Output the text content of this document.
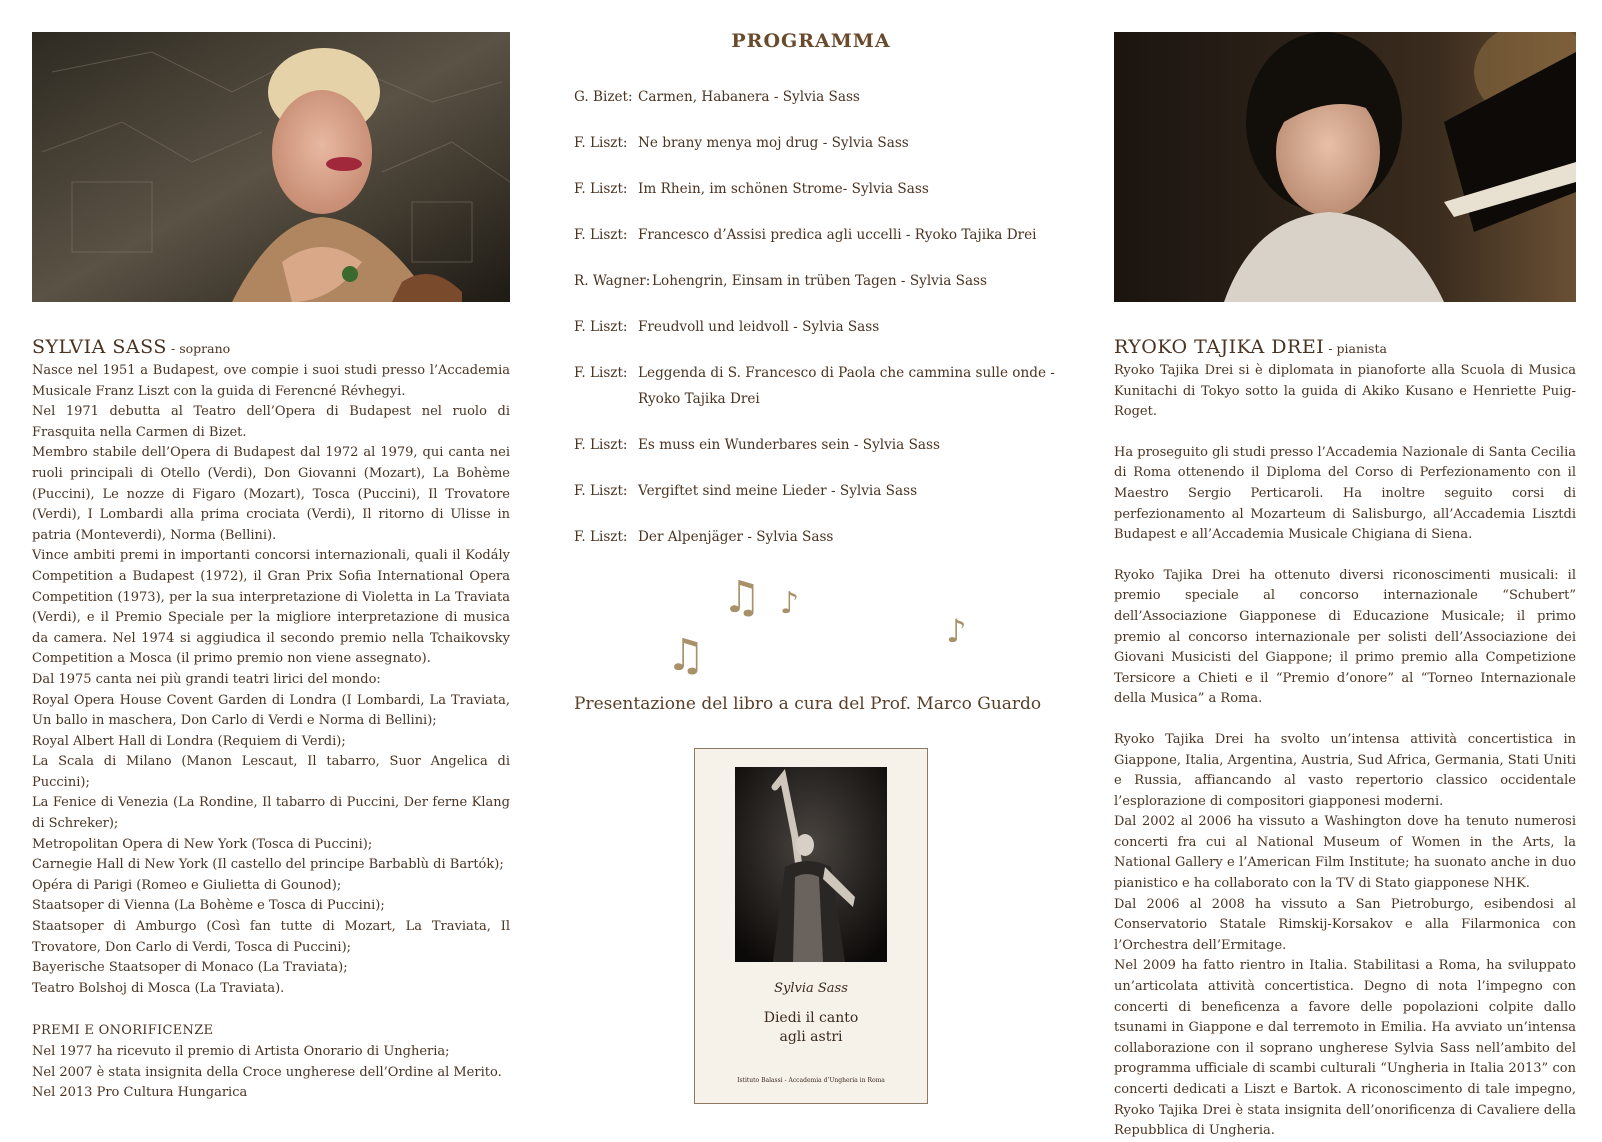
SYLVIA SASS - soprano

Nasce nel 1951 a Budapest, ove compie i suoi studi presso l’Accademia Musicale Franz Liszt con la guida di Ferencné Révhegyi.

Nel 1971 debutta al Teatro dell’Opera di Budapest nel ruolo di Frasquita nella Carmen di Bizet.

Membro stabile dell’Opera di Budapest dal 1972 al 1979, qui canta nei ruoli principali di Otello (Verdi), Don Giovanni (Mozart), La Bohème (Puccini), Le nozze di Figaro (Mozart), Tosca (Puccini), Il Trovatore (Verdi), I Lombardi alla prima crociata (Verdi), Il ritorno di Ulisse in patria (Monteverdi), Norma (Bellini).

Vince ambiti premi in importanti concorsi internazionali, quali il Kodály Competition a Budapest (1972), il Gran Prix Sofia International Opera Competition (1973), per la sua interpretazione di Violetta in La Traviata (Verdi), e il Premio Speciale per la migliore interpretazione di musica da camera. Nel 1974 si aggiudica il secondo premio nella Tchaikovsky Competition a Mosca (il primo premio non viene assegnato).

Dal 1975 canta nei più grandi teatri lirici del mondo:

Royal Opera House Covent Garden di Londra (I Lombardi, La Traviata, Un ballo in maschera, Don Carlo di Verdi e Norma di Bellini);

Royal Albert Hall di Londra (Requiem di Verdi);

La Scala di Milano (Manon Lescaut, Il tabarro, Suor Angelica di Puccini);

La Fenice di Venezia (La Rondine, Il tabarro di Puccini, Der ferne Klang di Schreker);

Metropolitan Opera di New York (Tosca di Puccini);

Carnegie Hall di New York (Il castello del principe Barbablù di Bartók);

Opéra di Parigi (Romeo e Giulietta di Gounod);

Staatsoper di Vienna (La Bohème e Tosca di Puccini);

Staatsoper di Amburgo (Così fan tutte di Mozart, La Traviata, Il Trovatore, Don Carlo di Verdi, Tosca di Puccini);

Bayerische Staatsoper di Monaco (La Traviata);

Teatro Bolshoj di Mosca (La Traviata).

PREMI E ONORIFICENZE

Nel 1977 ha ricevuto il premio di Artista Onorario di Ungheria;

Nel 2007 è stata insignita della Croce ungherese dell’Ordine al Merito.

Nel 2013 Pro Cultura Hungarica

PROGRAMMA
G. Bizet: Carmen, Habanera - Sylvia Sass
F. Liszt: Ne brany menya moj drug - Sylvia Sass
F. Liszt: Im Rhein, im schönen Strome- Sylvia Sass
F. Liszt: Francesco d’Assisi predica agli uccelli - Ryoko Tajika Drei
R. Wagner: Lohengrin, Einsam in trüben Tagen - Sylvia Sass
F. Liszt: Freudvoll und leidvoll - Sylvia Sass
F. Liszt: Leggenda di S. Francesco di Paola che cammina sulle onde - Ryoko Tajika Drei
F. Liszt: Es muss ein Wunderbares sein - Sylvia Sass
F. Liszt: Vergiftet sind meine Lieder - Sylvia Sass
F. Liszt: Der Alpenjäger - Sylvia Sass
♫ ♪
♫	♪

Presentazione del libro a cura del Prof. Marco Guardo

Sylvia Sass

Diedi il canto
agli astri

Istituto Balassi - Accademia d’Ungheria in Roma

RYOKO TAJIKA DREI - pianista

Ryoko Tajika Drei si è diplomata in pianoforte alla Scuola di Musica Kunitachi di Tokyo sotto la guida di Akiko Kusano e Henriette Puig-Roget.

Ha proseguito gli studi presso l’Accademia Nazionale di Santa Cecilia di Roma ottenendo il Diploma del Corso di Perfezionamento con il Maestro Sergio Perticaroli. Ha inoltre seguito corsi di perfezionamento al Mozarteum di Salisburgo, all’Accademia Lisztdi Budapest e all’Accademia Musicale Chigiana di Siena.

Ryoko Tajika Drei ha ottenuto diversi riconoscimenti musicali: il premio speciale al concorso internazionale “Schubert” dell’Associazione Giapponese di Educazione Musicale; il primo premio al concorso internazionale per solisti dell’Associazione dei Giovani Musicisti del Giappone; il primo premio alla Competizione Tersicore a Chieti e il “Premio d’onore” al “Torneo Internazionale della Musica” a Roma.

Ryoko Tajika Drei ha svolto un’intensa attività concertistica in Giappone, Italia, Argentina, Austria, Sud Africa, Germania, Stati Uniti e Russia, affiancando al vasto repertorio classico occidentale l’esplorazione di compositori giapponesi moderni.

Dal 2002 al 2006 ha vissuto a Washington dove ha tenuto numerosi concerti fra cui al National Museum of Women in the Arts, la National Gallery e l’American Film Institute; ha suonato anche in duo pianistico e ha collaborato con la TV di Stato giapponese NHK.

Dal 2006 al 2008 ha vissuto a San Pietroburgo, esibendosi al Conservatorio Statale Rimskij-Korsakov e alla Filarmonica con l’Orchestra dell’Ermitage.

Nel 2009 ha fatto rientro in Italia. Stabilitasi a Roma, ha sviluppato un’articolata attività concertistica. Degno di nota l’impegno con concerti di beneficenza a favore delle popolazioni colpite dallo tsunami in Giappone e dal terremoto in Emilia. Ha avviato un’intensa collaborazione con il soprano ungherese Sylvia Sass nell’ambito del programma ufficiale di scambi culturali “Ungheria in Italia 2013” con concerti dedicati a Liszt e Bartok. A riconoscimento di tale impegno, Ryoko Tajika Drei è stata insignita dell’onorificenza di Cavaliere della Repubblica di Ungheria.
